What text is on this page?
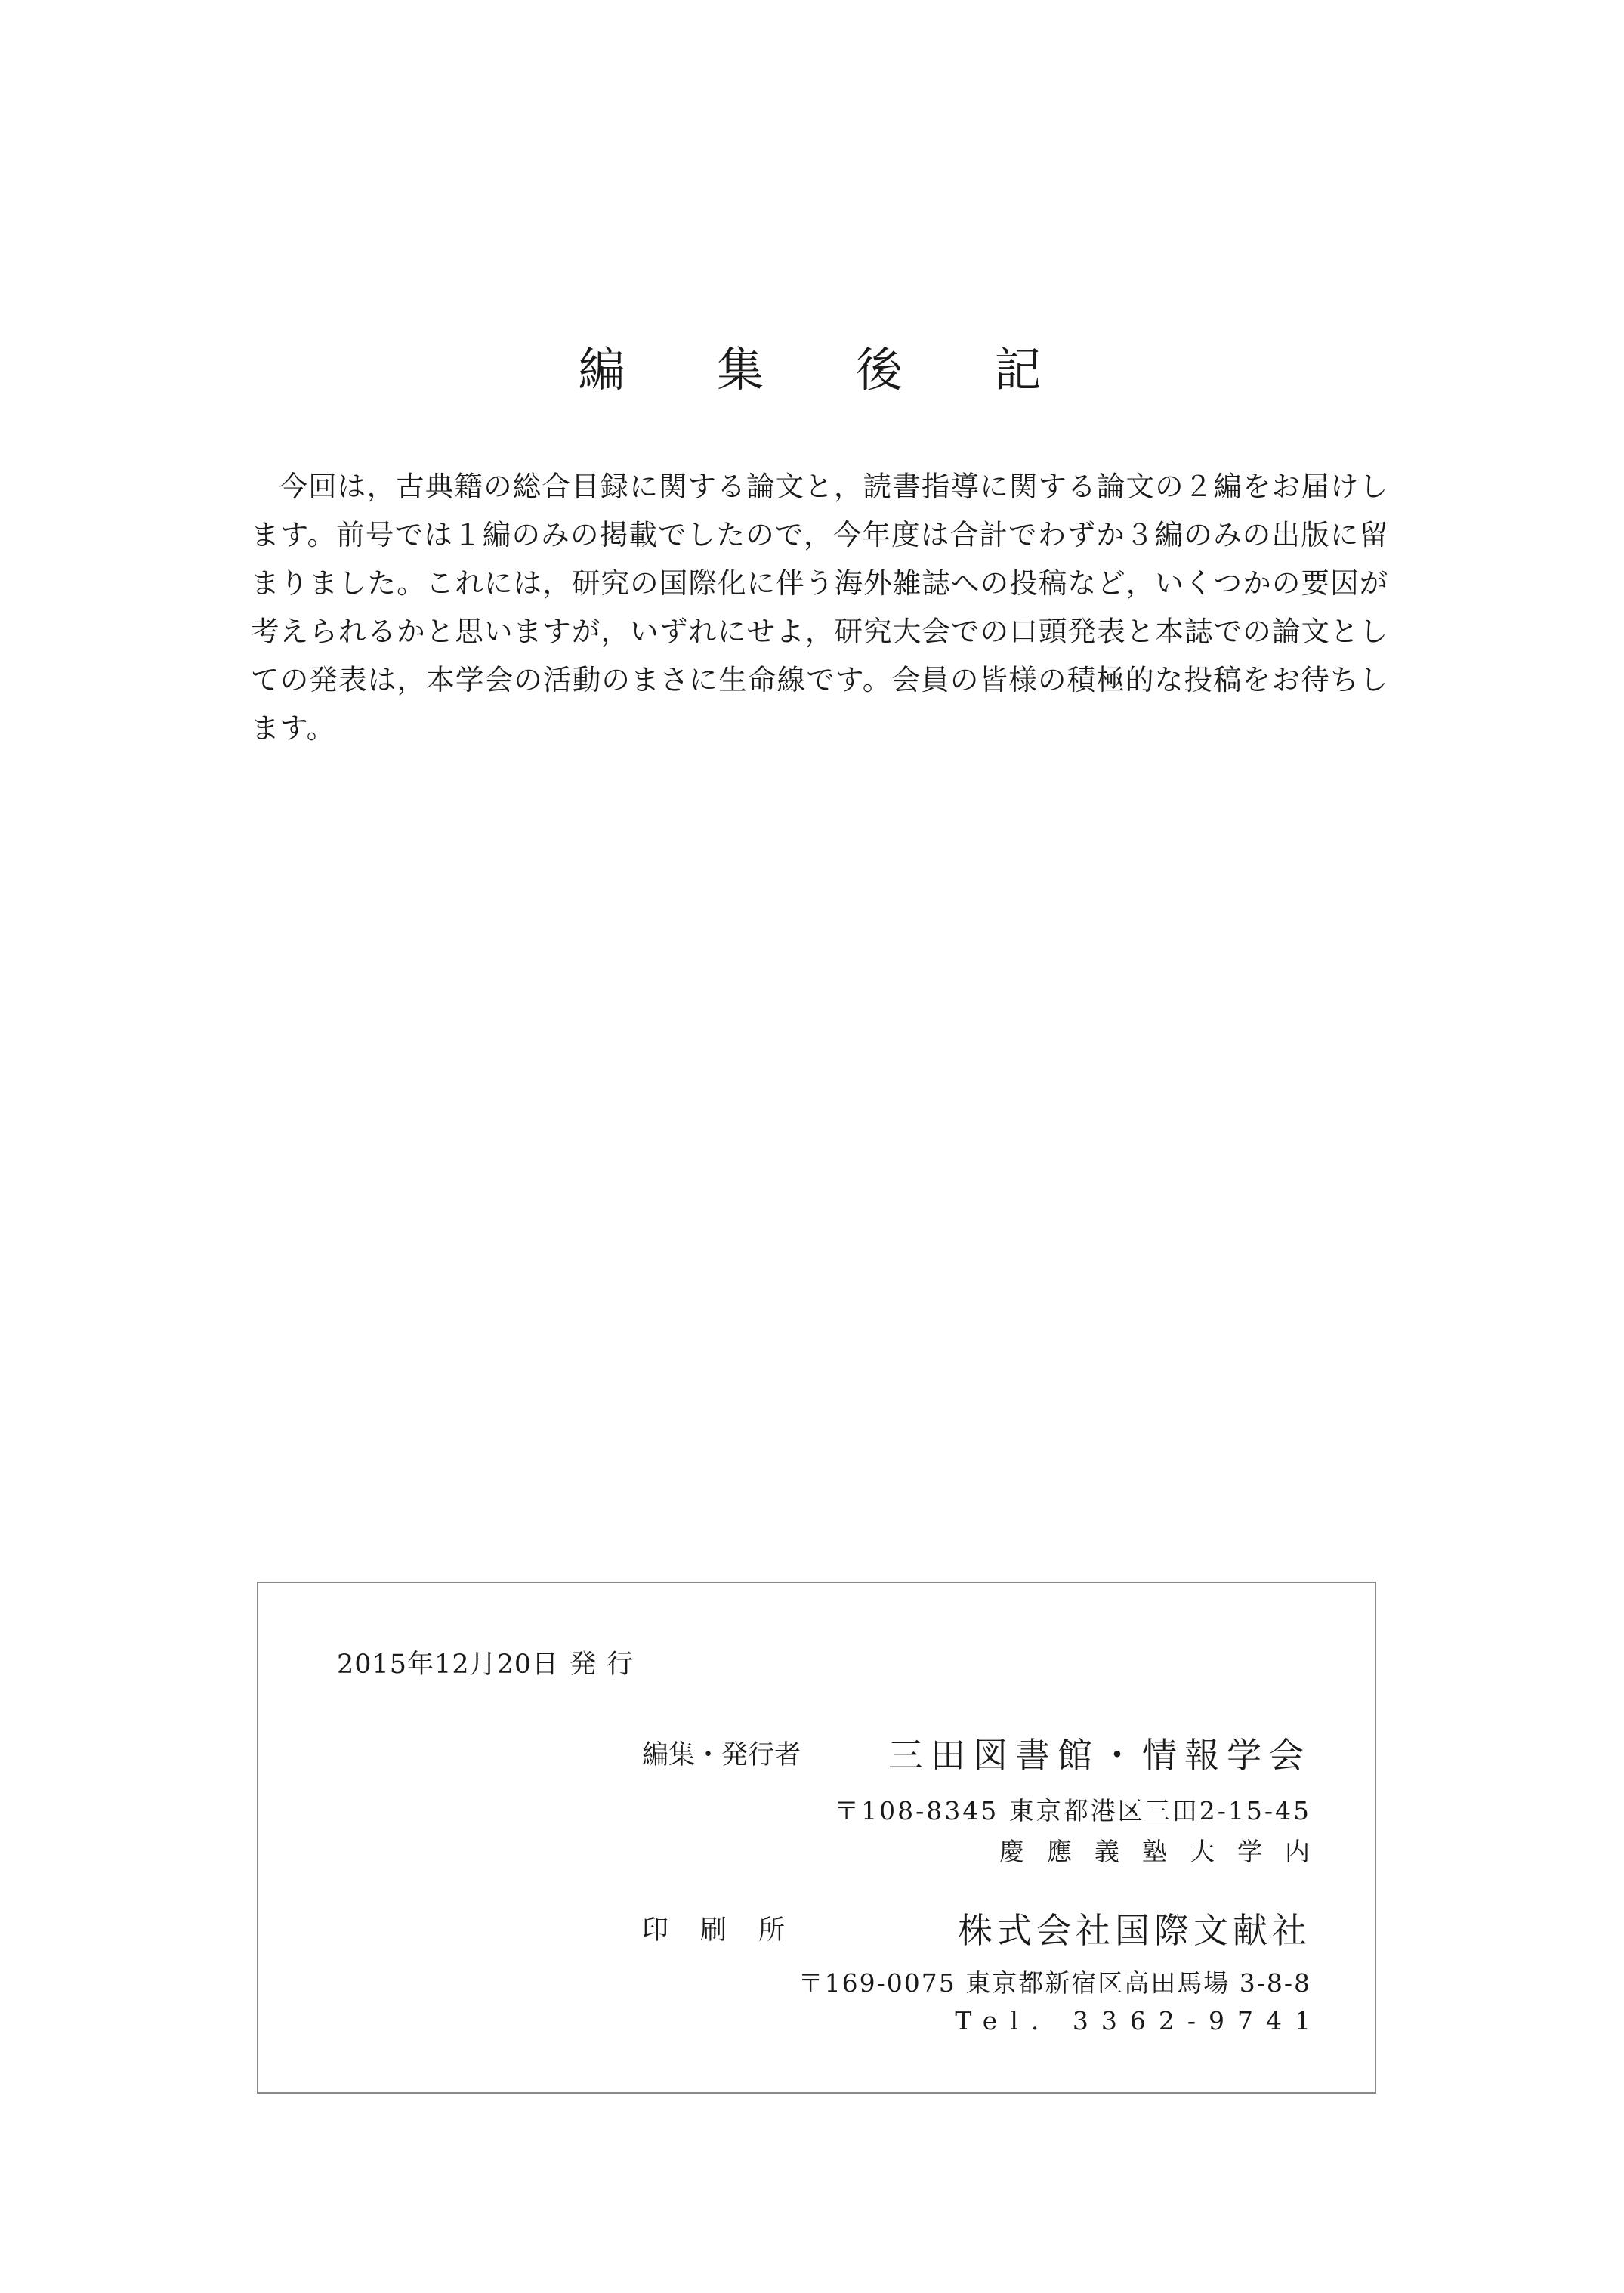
編 集 後 記

今回は，古典籍の総合目録に関する論文と，読書指導に関する論文の２編をお届けします。前号では１編のみの掲載でしたので，今年度は合計でわずか３編のみの出版に留まりました。これには，研究の国際化に伴う海外雑誌への投稿など，いくつかの要因が考えられるかと思いますが，いずれにせよ，研究大会での口頭発表と本誌での論文としての発表は，本学会の活動のまさに生命線です。会員の皆様の積極的な投稿をお待ちします。

2015年12月20日 発行
編集・発行者	三田図書館・情報学会
〒108-8345 東京都港区三田2-15-45
慶應義塾大学内
印刷所	株式会社国際文献社
〒169-0075 東京都新宿区高田馬場 3-8-8
Tel. 3362-9741
